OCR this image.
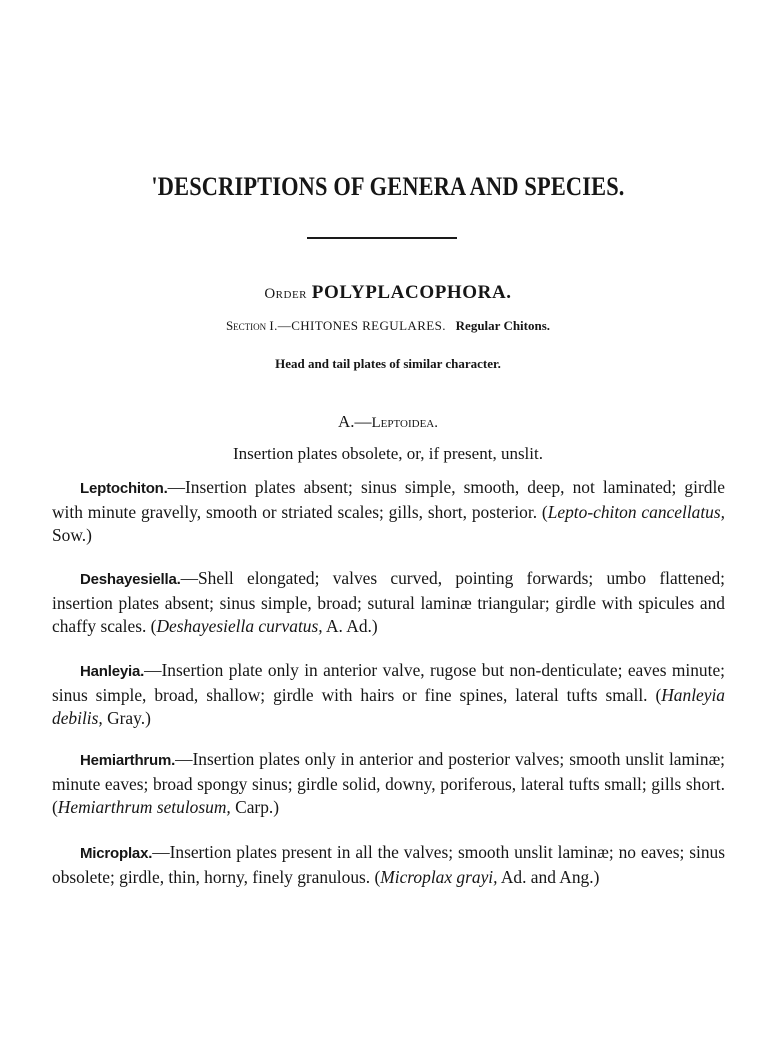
'DESCRIPTIONS OF GENERA AND SPECIES.
Order POLYPLACOPHORA.
Section I.—CHITONES REGULARES. Regular Chitons.
Head and tail plates of similar character.
A.—Leptoidea.
Insertion plates obsolete, or, if present, unslit.

Leptochiton.—Insertion plates absent; sinus simple, smooth, deep, not laminated; girdle with minute gravelly, smooth or striated scales; gills, short, posterior. (Lepto-chiton cancellatus, Sow.)

Deshayesiella.—Shell elongated; valves curved, pointing forwards; umbo flattened; insertion plates absent; sinus simple, broad; sutural laminæ triangular; girdle with spicules and chaffy scales. (Deshayesiella curvatus, A. Ad.)

Hanleyia.—Insertion plate only in anterior valve, rugose but non-denticulate; eaves minute; sinus simple, broad, shallow; girdle with hairs or fine spines, lateral tufts small. (Hanleyia debilis, Gray.)

Hemiarthrum.—Insertion plates only in anterior and posterior valves; smooth unslit laminæ; minute eaves; broad spongy sinus; girdle solid, downy, poriferous, lateral tufts small; gills short. (Hemiarthrum setulosum, Carp.)

Microplax.—Insertion plates present in all the valves; smooth unslit laminæ; no eaves; sinus obsolete; girdle, thin, horny, finely granulous. (Microplax grayi, Ad. and Ang.)
